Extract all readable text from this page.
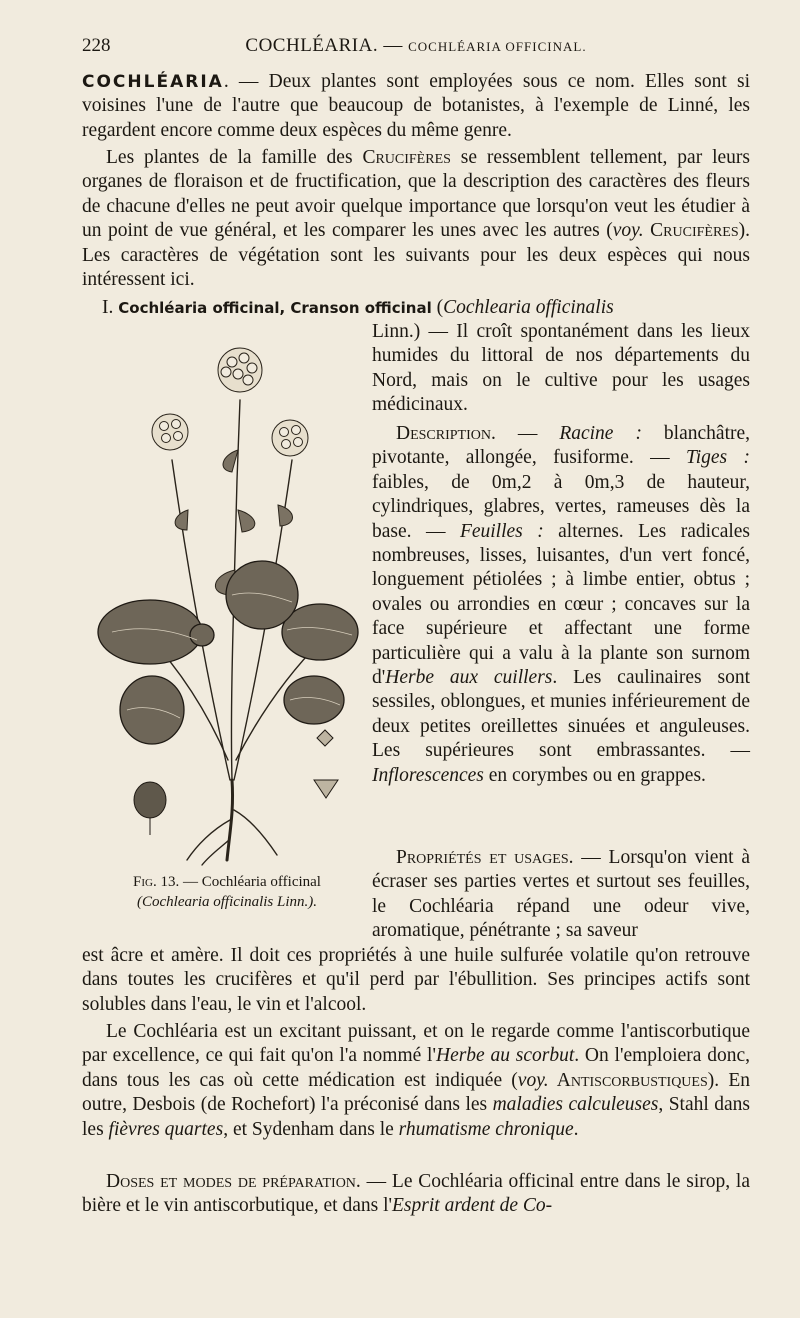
228	COCHLÉARIA. — COCHLÉARIA OFFICINAL.
COCHLÉARIA. — Deux plantes sont employées sous ce nom. Elles sont si voisines l'une de l'autre que beaucoup de botanistes, à l'exemple de Linné, les regardent encore comme deux espèces du même genre.
Les plantes de la famille des Crucifères se ressemblent tellement, par leurs organes de floraison et de fructification, que la description des caractères des fleurs de chacune d'elles ne peut avoir quelque importance que lorsqu'on veut les étudier à un point de vue général, et les comparer les unes avec les autres (voy. Crucifères). Les caractères de végétation sont les suivants pour les deux espèces qui nous intéressent ici.
I. Cochléaria officinal, Cranson officinal (Cochlearia officinalis
Linn.) — Il croît spontanément dans les lieux humides du littoral de nos départements du Nord, mais on le cultive pour les usages médicinaux.
Description. — Racine : blanchâtre, pivotante, allongée, fusiforme. — Tiges : faibles, de 0m,2 à 0m,3 de hauteur, cylindriques, glabres, vertes, rameuses dès la base. — Feuilles : alternes. Les radicales nombreuses, lisses, luisantes, d'un vert foncé, longuement pétiolées ; à limbe entier, obtus ; ovales ou arrondies en cœur ; concaves sur la face supérieure et affectant une forme particulière qui a valu à la plante son surnom d'Herbe aux cuillers. Les caulinaires sont sessiles, oblongues, et munies inférieurement de deux petites oreillettes sinuées et anguleuses. Les supérieures sont embrassantes. — Inflorescences en corymbes ou en grappes.
Propriétés et usages. — Lorsqu'on vient à écraser ses parties vertes et surtout ses feuilles, le Cochléaria répand une odeur vive, aromatique, pénétrante ; sa saveur
est âcre et amère. Il doit ces propriétés à une huile sulfurée volatile qu'on retrouve dans toutes les crucifères et qu'il perd par l'ébullition. Ses principes actifs sont solubles dans l'eau, le vin et l'alcool.
Le Cochléaria est un excitant puissant, et on le regarde comme l'antiscorbutique par excellence, ce qui fait qu'on l'a nommé l'Herbe au scorbut. On l'emploiera donc, dans tous les cas où cette médication est indiquée (voy. Antiscorbustiques). En outre, Desbois (de Rochefort) l'a préconisé dans les maladies calculeuses, Stahl dans les fièvres quartes, et Sydenham dans le rhumatisme chronique.
Doses et modes de préparation. — Le Cochléaria officinal entre dans le sirop, la bière et le vin antiscorbutique, et dans l'Esprit ardent de Co-
Fig. 13. — Cochléaria officinal
(Cochlearia officinalis Linn.).
